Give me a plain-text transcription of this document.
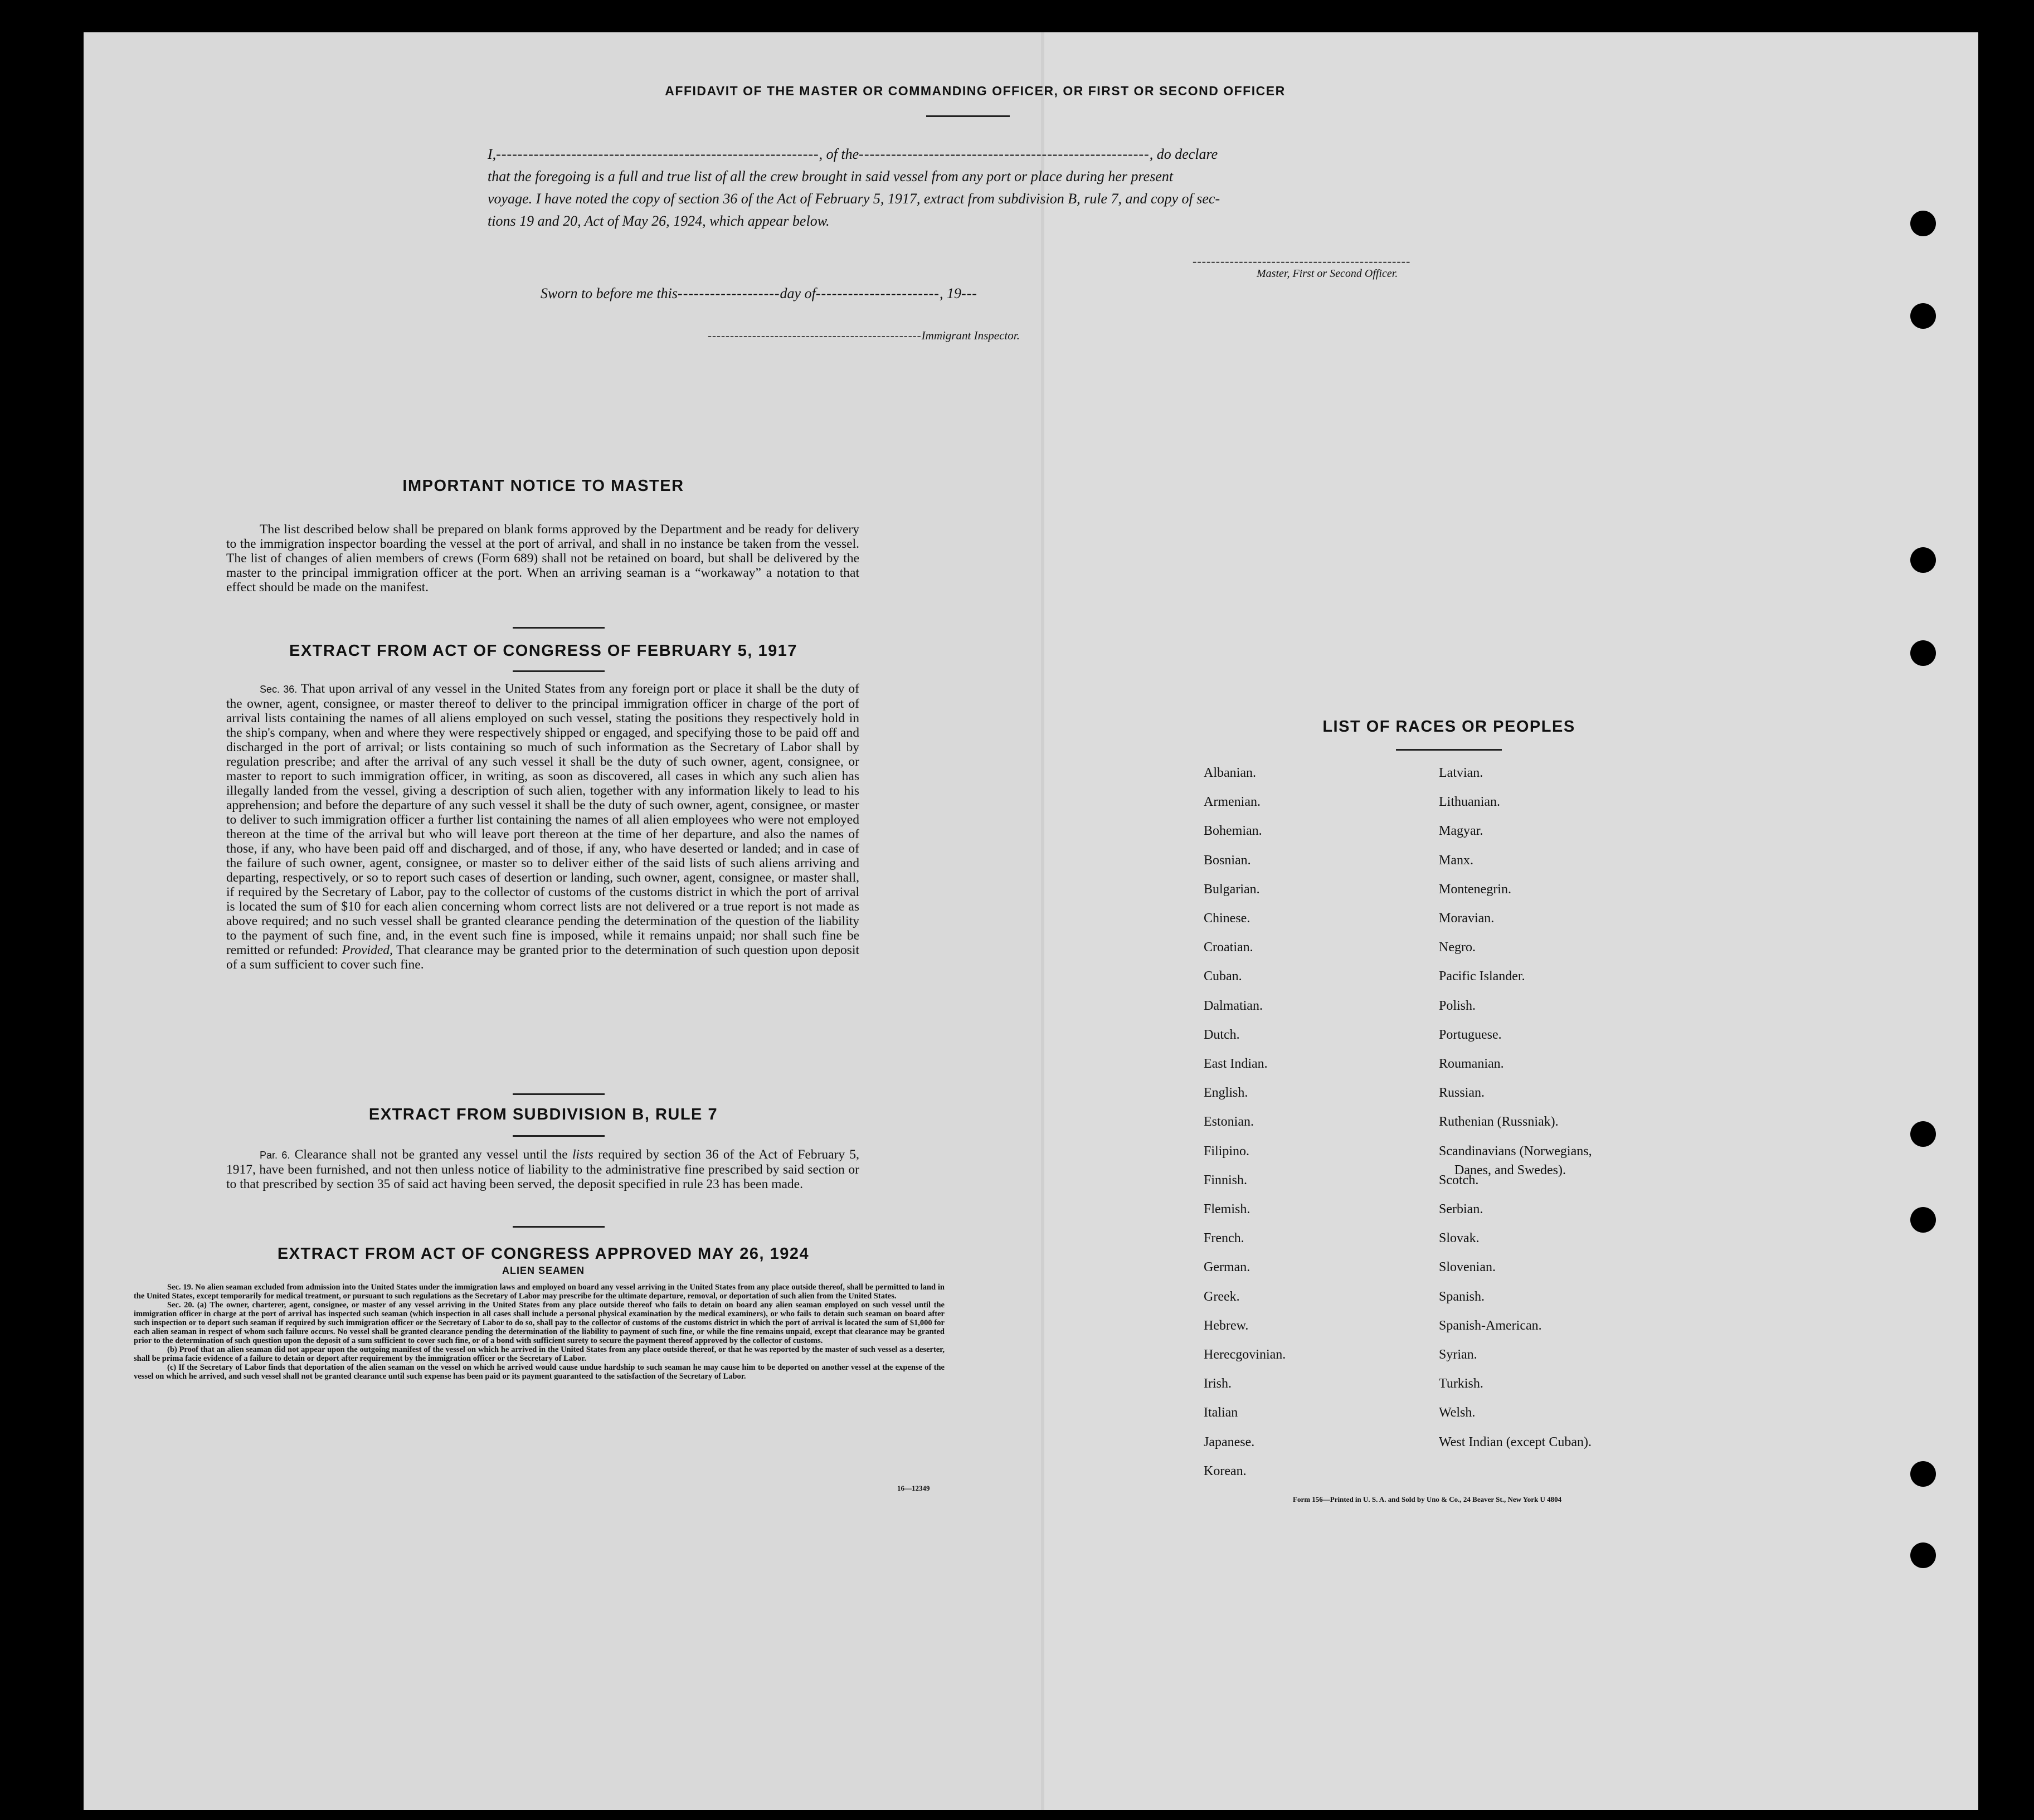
AFFIDAVIT OF THE MASTER OR COMMANDING OFFICER, OR FIRST OR SECOND OFFICER
I,------------------------------------------------------------, of the------------------------------------------------------, do declare
that the foregoing is a full and true list of all the crew brought in said vessel from any port or place during her present
voyage. I have noted the copy of section 36 of the Act of February 5, 1917, extract from subdivision B, rule 7, and copy of sec-
tions 19 and 20, Act of May 26, 1924, which appear below.
-----------------------------------------------
Master, First or Second Officer.
Sworn to before me this-------------------day of-----------------------, 19---
------------------------------------------------Immigrant Inspector.
IMPORTANT NOTICE TO MASTER
The list described below shall be prepared on blank forms approved by the Department and be ready for delivery to the immigration inspector boarding the vessel at the port of arrival, and shall in no instance be taken from the vessel. The list of changes of alien members of crews (Form 689) shall not be retained on board, but shall be delivered by the master to the principal immigration officer at the port. When an arriving seaman is a “workaway” a notation to that effect should be made on the manifest.
EXTRACT FROM ACT OF CONGRESS OF FEBRUARY 5, 1917
Sec. 36. That upon arrival of any vessel in the United States from any foreign port or place it shall be the duty of the owner, agent, consignee, or master thereof to deliver to the principal immigration officer in charge of the port of arrival lists containing the names of all aliens employed on such vessel, stating the positions they respectively hold in the ship's company, when and where they were respectively shipped or engaged, and specifying those to be paid off and discharged in the port of arrival; or lists containing so much of such information as the Secretary of Labor shall by regulation prescribe; and after the arrival of any such vessel it shall be the duty of such owner, agent, consignee, or master to report to such immigration officer, in writing, as soon as discovered, all cases in which any such alien has illegally landed from the vessel, giving a description of such alien, together with any information likely to lead to his apprehension; and before the departure of any such vessel it shall be the duty of such owner, agent, consignee, or master to deliver to such immigration officer a further list containing the names of all alien employees who were not employed thereon at the time of the arrival but who will leave port thereon at the time of her departure, and also the names of those, if any, who have been paid off and discharged, and of those, if any, who have deserted or landed; and in case of the failure of such owner, agent, consignee, or master so to deliver either of the said lists of such aliens arriving and departing, respectively, or so to report such cases of desertion or landing, such owner, agent, consignee, or master shall, if required by the Secretary of Labor, pay to the collector of customs of the customs district in which the port of arrival is located the sum of $10 for each alien concerning whom correct lists are not delivered or a true report is not made as above required; and no such vessel shall be granted clearance pending the determination of the question of the liability to the payment of such fine, and, in the event such fine is imposed, while it remains unpaid; nor shall such fine be remitted or refunded: Provided, That clearance may be granted prior to the determination of such question upon deposit of a sum sufficient to cover such fine.
EXTRACT FROM SUBDIVISION B, RULE 7
Par. 6. Clearance shall not be granted any vessel until the lists required by section 36 of the Act of February 5, 1917, have been furnished, and not then unless notice of liability to the administrative fine prescribed by said section or to that prescribed by section 35 of said act having been served, the deposit specified in rule 23 has been made.
EXTRACT FROM ACT OF CONGRESS APPROVED MAY 26, 1924
ALIEN SEAMEN
Sec. 19. No alien seaman excluded from admission into the United States under the immigration laws and employed on board any vessel arriving in the United States from any place outside thereof, shall be permitted to land in the United States, except temporarily for medical treatment, or pursuant to such regulations as the Secretary of Labor may prescribe for the ultimate departure, removal, or deportation of such alien from the United States.
Sec. 20. (a) The owner, charterer, agent, consignee, or master of any vessel arriving in the United States from any place outside thereof who fails to detain on board any alien seaman employed on such vessel until the immigration officer in charge at the port of arrival has inspected such seaman (which inspection in all cases shall include a personal physical examination by the medical examiners), or who fails to detain such seaman on board after such inspection or to deport such seaman if required by such immigration officer or the Secretary of Labor to do so, shall pay to the collector of customs of the customs district in which the port of arrival is located the sum of $1,000 for each alien seaman in respect of whom such failure occurs. No vessel shall be granted clearance pending the determination of the liability to payment of such fine, or while the fine remains unpaid, except that clearance may be granted prior to the determination of such question upon the deposit of a sum sufficient to cover such fine, or of a bond with sufficient surety to secure the payment thereof approved by the collector of customs.
(b) Proof that an alien seaman did not appear upon the outgoing manifest of the vessel on which he arrived in the United States from any place outside thereof, or that he was reported by the master of such vessel as a deserter, shall be prima facie evidence of a failure to detain or deport after requirement by the immigration officer or the Secretary of Labor.
(c) If the Secretary of Labor finds that deportation of the alien seaman on the vessel on which he arrived would cause undue hardship to such seaman he may cause him to be deported on another vessel at the expense of the vessel on which he arrived, and such vessel shall not be granted clearance until such expense has been paid or its payment guaranteed to the satisfaction of the Secretary of Labor.
16—12349
LIST OF RACES OR PEOPLES
Albanian.
Armenian.
Bohemian.
Bosnian.
Bulgarian.
Chinese.
Croatian.
Cuban.
Dalmatian.
Dutch.
East Indian.
English.
Estonian.
Filipino.
Finnish.
Flemish.
French.
German.
Greek.
Hebrew.
Herecgovinian.
Irish.
Italian
Japanese.
Korean.
Latvian.
Lithuanian.
Magyar.
Manx.
Montenegrin.
Moravian.
Negro.
Pacific Islander.
Polish.
Portuguese.
Roumanian.
Russian.
Ruthenian (Russniak).
Scandinavians (Norwegians,
Scotch.
Serbian.
Slovak.
Slovenian.
Spanish.
Spanish-American.
Syrian.
Turkish.
Welsh.
West Indian (except Cuban).
Danes, and Swedes).
Form 156—Printed in U. S. A. and Sold by Uno & Co., 24 Beaver St., New York U 4804
